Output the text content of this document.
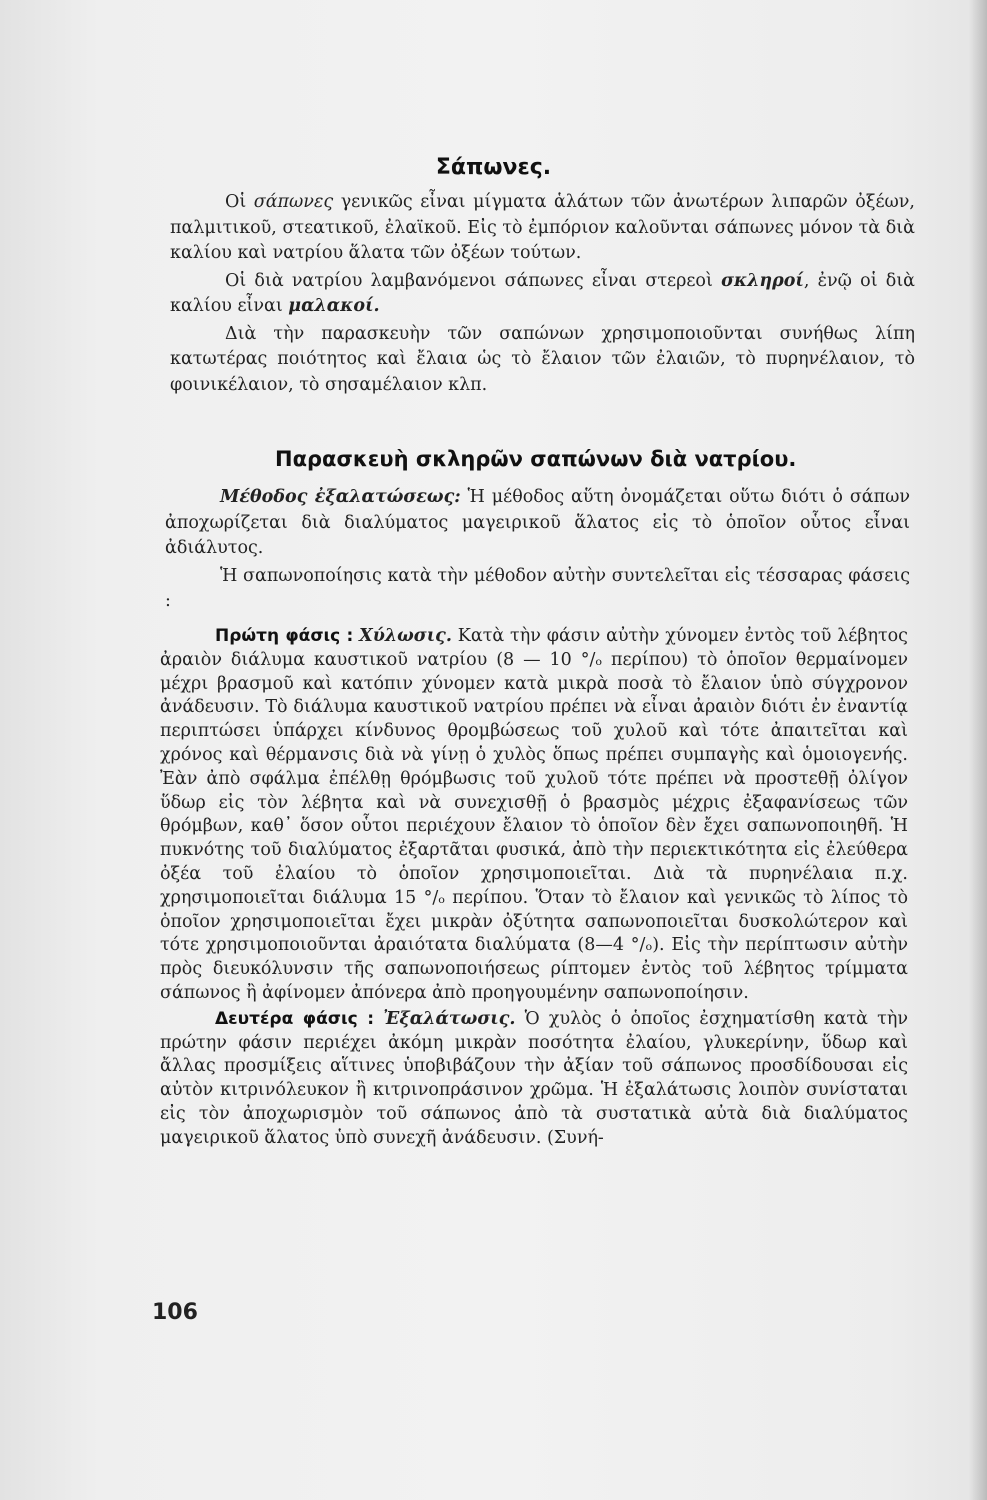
Σάπωνες.

Οἱ σάπωνες γενικῶς εἶναι μίγματα ἁλάτων τῶν ἀνωτέρων λιπαρῶν ὀξέων, παλμιτικοῦ, στεατικοῦ, ἐλαϊκοῦ. Εἰς τὸ ἐμπόριον καλοῦνται σάπωνες μόνον τὰ διὰ καλίου καὶ νατρίου ἅλατα τῶν ὀξέων τούτων.

Οἱ διὰ νατρίου λαμβανόμενοι σάπωνες εἶναι στερεοὶ σκληροί, ἐνῷ οἱ διὰ καλίου εἶναι μαλακοί.

Διὰ τὴν παρασκευὴν τῶν σαπώνων χρησιμοποιοῦνται συνήθως λίπη κατωτέρας ποιότητος καὶ ἔλαια ὡς τὸ ἔλαιον τῶν ἐλαιῶν, τὸ πυρηνέλαιον, τὸ φοινικέλαιον, τὸ σησαμέλαιον κλπ.

Παρασκευὴ σκληρῶν σαπώνων διὰ νατρίου.

Μέθοδος ἐξαλατώσεως: Ἡ μέθοδος αὕτη ὀνομάζεται οὕτω διότι ὁ σάπων ἀποχωρίζεται διὰ διαλύματος μαγειρικοῦ ἅλατος εἰς τὸ ὁποῖον οὗτος εἶναι ἀδιάλυτος.

Ἡ σαπωνοποίησις κατὰ τὴν μέθοδον αὐτὴν συντελεῖται εἰς τέσσαρας φάσεις :

Πρώτη φάσις : Χύλωσις. Κατὰ τὴν φάσιν αὐτὴν χύνομεν ἐντὸς τοῦ λέβητος ἀραιὸν διάλυμα καυστικοῦ νατρίου (8 — 10 °/ₒ περίπου) τὸ ὁποῖον θερμαίνομεν μέχρι βρασμοῦ καὶ κατόπιν χύνομεν κατὰ μικρὰ ποσὰ τὸ ἔλαιον ὑπὸ σύγχρονον ἀνάδευσιν. Τὸ διάλυμα καυστικοῦ νατρίου πρέπει νὰ εἶναι ἀραιὸν διότι ἐν ἐναντίᾳ περιπτώσει ὑπάρχει κίνδυνος θρομβώσεως τοῦ χυλοῦ καὶ τότε ἀπαιτεῖται καὶ χρόνος καὶ θέρμανσις διὰ νὰ γίνῃ ὁ χυλὸς ὅπως πρέπει συμπαγὴς καὶ ὁμοιογενής. Ἐὰν ἀπὸ σφάλμα ἐπέλθῃ θρόμβωσις τοῦ χυλοῦ τότε πρέπει νὰ προστεθῇ ὀλίγον ὕδωρ εἰς τὸν λέβητα καὶ νὰ συνεχισθῇ ὁ βρασμὸς μέχρις ἐξαφανίσεως τῶν θρόμβων, καθ᾽ ὅσον οὗτοι περιέχουν ἔλαιον τὸ ὁποῖον δὲν ἔχει σαπωνοποιηθῆ. Ἡ πυκνότης τοῦ διαλύματος ἐξαρτᾶται φυσικά, ἀπὸ τὴν περιεκτικότητα εἰς ἐλεύθερα ὀξέα τοῦ ἐλαίου τὸ ὁποῖον χρησιμοποιεῖται. Διὰ τὰ πυρηνέλαια π.χ. χρησιμοποιεῖται διάλυμα 15 °/ₒ περίπου. Ὅταν τὸ ἔλαιον καὶ γενικῶς τὸ λίπος τὸ ὁποῖον χρησιμοποιεῖται ἔχει μικρὰν ὀξύτητα σαπωνοποιεῖται δυσκολώτερον καὶ τότε χρησιμοποιοῦνται ἀραιότατα διαλύματα (8—4 °/ₒ). Εἰς τὴν περίπτωσιν αὐτὴν πρὸς διευκόλυνσιν τῆς σαπωνοποιήσεως ρίπτομεν ἐντὸς τοῦ λέβητος τρίμματα σάπωνος ἢ ἀφίνομεν ἀπόνερα ἀπὸ προηγουμένην σαπωνοποίησιν.

Δευτέρα φάσις : Ἐξαλάτωσις. Ὁ χυλὸς ὁ ὁποῖος ἐσχηματίσθη κατὰ τὴν πρώτην φάσιν περιέχει ἀκόμη μικρὰν ποσότητα ἐλαίου, γλυκερίνην, ὕδωρ καὶ ἄλλας προσμίξεις αἵτινες ὑποβιβάζουν τὴν ἀξίαν τοῦ σάπωνος προσδίδουσαι εἰς αὐτὸν κιτρινόλευκον ἢ κιτρινοπράσινον χρῶμα. Ἡ ἐξαλάτωσις λοιπὸν συνίσταται εἰς τὸν ἀποχωρισμὸν τοῦ σάπωνος ἀπὸ τὰ συστατικὰ αὐτὰ διὰ διαλύματος μαγειρικοῦ ἅλατος ὑπὸ συνεχῆ ἀνάδευσιν. (Συνή-

106
